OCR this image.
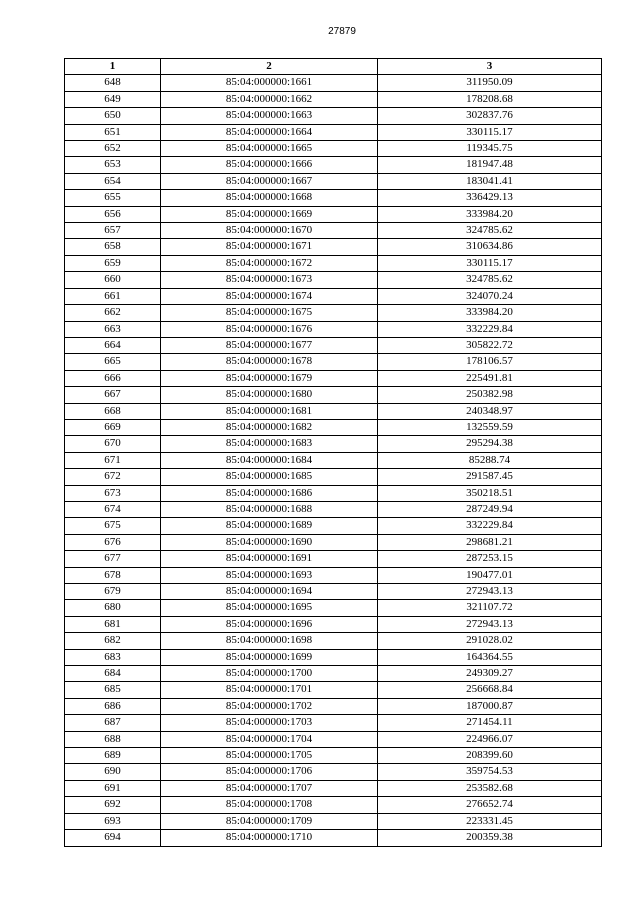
27879
1	2	3
648	85:04:000000:1661	311950.09
649	85:04:000000:1662	178208.68
650	85:04:000000:1663	302837.76
651	85:04:000000:1664	330115.17
652	85:04:000000:1665	119345.75
653	85:04:000000:1666	181947.48
654	85:04:000000:1667	183041.41
655	85:04:000000:1668	336429.13
656	85:04:000000:1669	333984.20
657	85:04:000000:1670	324785.62
658	85:04:000000:1671	310634.86
659	85:04:000000:1672	330115.17
660	85:04:000000:1673	324785.62
661	85:04:000000:1674	324070.24
662	85:04:000000:1675	333984.20
663	85:04:000000:1676	332229.84
664	85:04:000000:1677	305822.72
665	85:04:000000:1678	178106.57
666	85:04:000000:1679	225491.81
667	85:04:000000:1680	250382.98
668	85:04:000000:1681	240348.97
669	85:04:000000:1682	132559.59
670	85:04:000000:1683	295294.38
671	85:04:000000:1684	85288.74
672	85:04:000000:1685	291587.45
673	85:04:000000:1686	350218.51
674	85:04:000000:1688	287249.94
675	85:04:000000:1689	332229.84
676	85:04:000000:1690	298681.21
677	85:04:000000:1691	287253.15
678	85:04:000000:1693	190477.01
679	85:04:000000:1694	272943.13
680	85:04:000000:1695	321107.72
681	85:04:000000:1696	272943.13
682	85:04:000000:1698	291028.02
683	85:04:000000:1699	164364.55
684	85:04:000000:1700	249309.27
685	85:04:000000:1701	256668.84
686	85:04:000000:1702	187000.87
687	85:04:000000:1703	271454.11
688	85:04:000000:1704	224966.07
689	85:04:000000:1705	208399.60
690	85:04:000000:1706	359754.53
691	85:04:000000:1707	253582.68
692	85:04:000000:1708	276652.74
693	85:04:000000:1709	223331.45
694	85:04:000000:1710	200359.38
